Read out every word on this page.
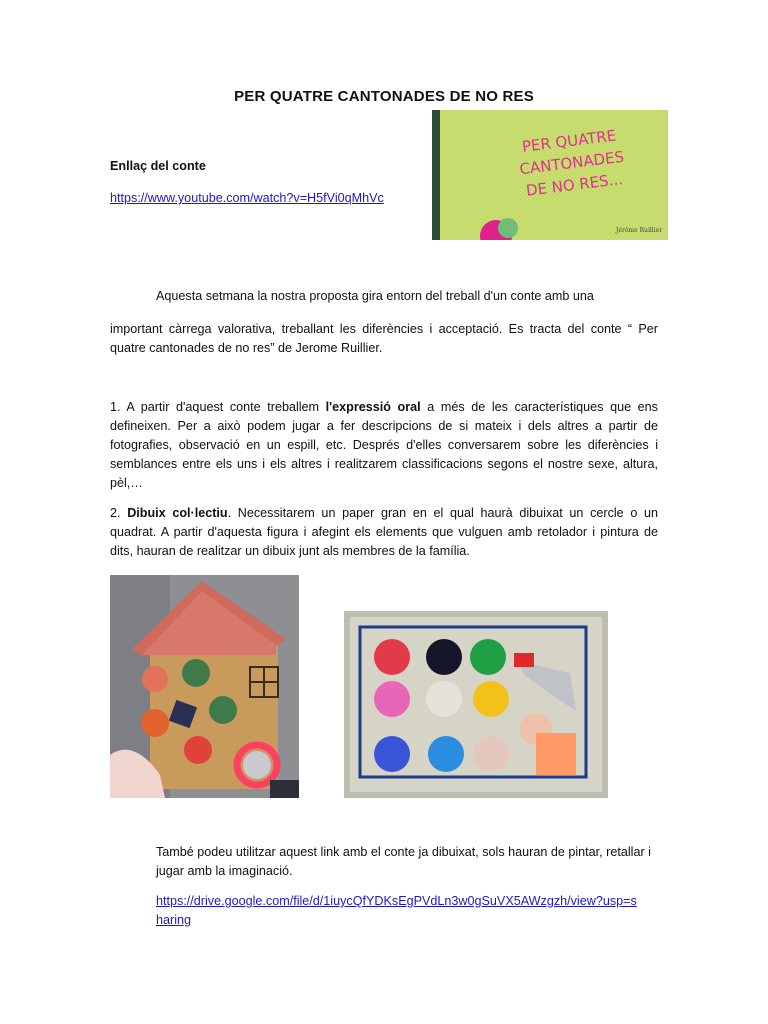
PER QUATRE CANTONADES DE NO RES
Enllaç del conte
https://www.youtube.com/watch?v=H5fVi0qMhVc
PER QUATRE
CANTONADES
DE NO RES...
Jérôme Ruillier
Aquesta setmana la nostra proposta gira entorn del treball d'un conte amb una
important càrrega valorativa, treballant les diferències i acceptació. Es tracta del conte “ Per quatre cantonades de no res” de Jerome Ruillier.
1. A partir d'aquest conte treballem l'expressió oral a més de les característiques que ens defineixen. Per a això podem jugar a fer descripcions de si mateix i dels altres a partir de fotografies, observació en un espill, etc. Després d'elles conversarem sobre les diferències i semblances entre els uns i els altres i realitzarem classificacions segons el nostre sexe, altura, pèl,…
2. Dibuix col·lectiu. Necessitarem un paper gran en el qual haurà dibuixat un cercle o un quadrat. A partir d'aquesta figura i afegint els elements que vulguen amb retolador i pintura de dits, hauran de realitzar un dibuix junt als membres de la família.
També podeu utilitzar aquest link amb el conte ja dibuixat, sols hauran de pintar, retallar i jugar amb la imaginació.
https://drive.google.com/file/d/1iuycQfYDKsEgPVdLn3w0gSuVX5AWzgzh/view?usp=s
haring
